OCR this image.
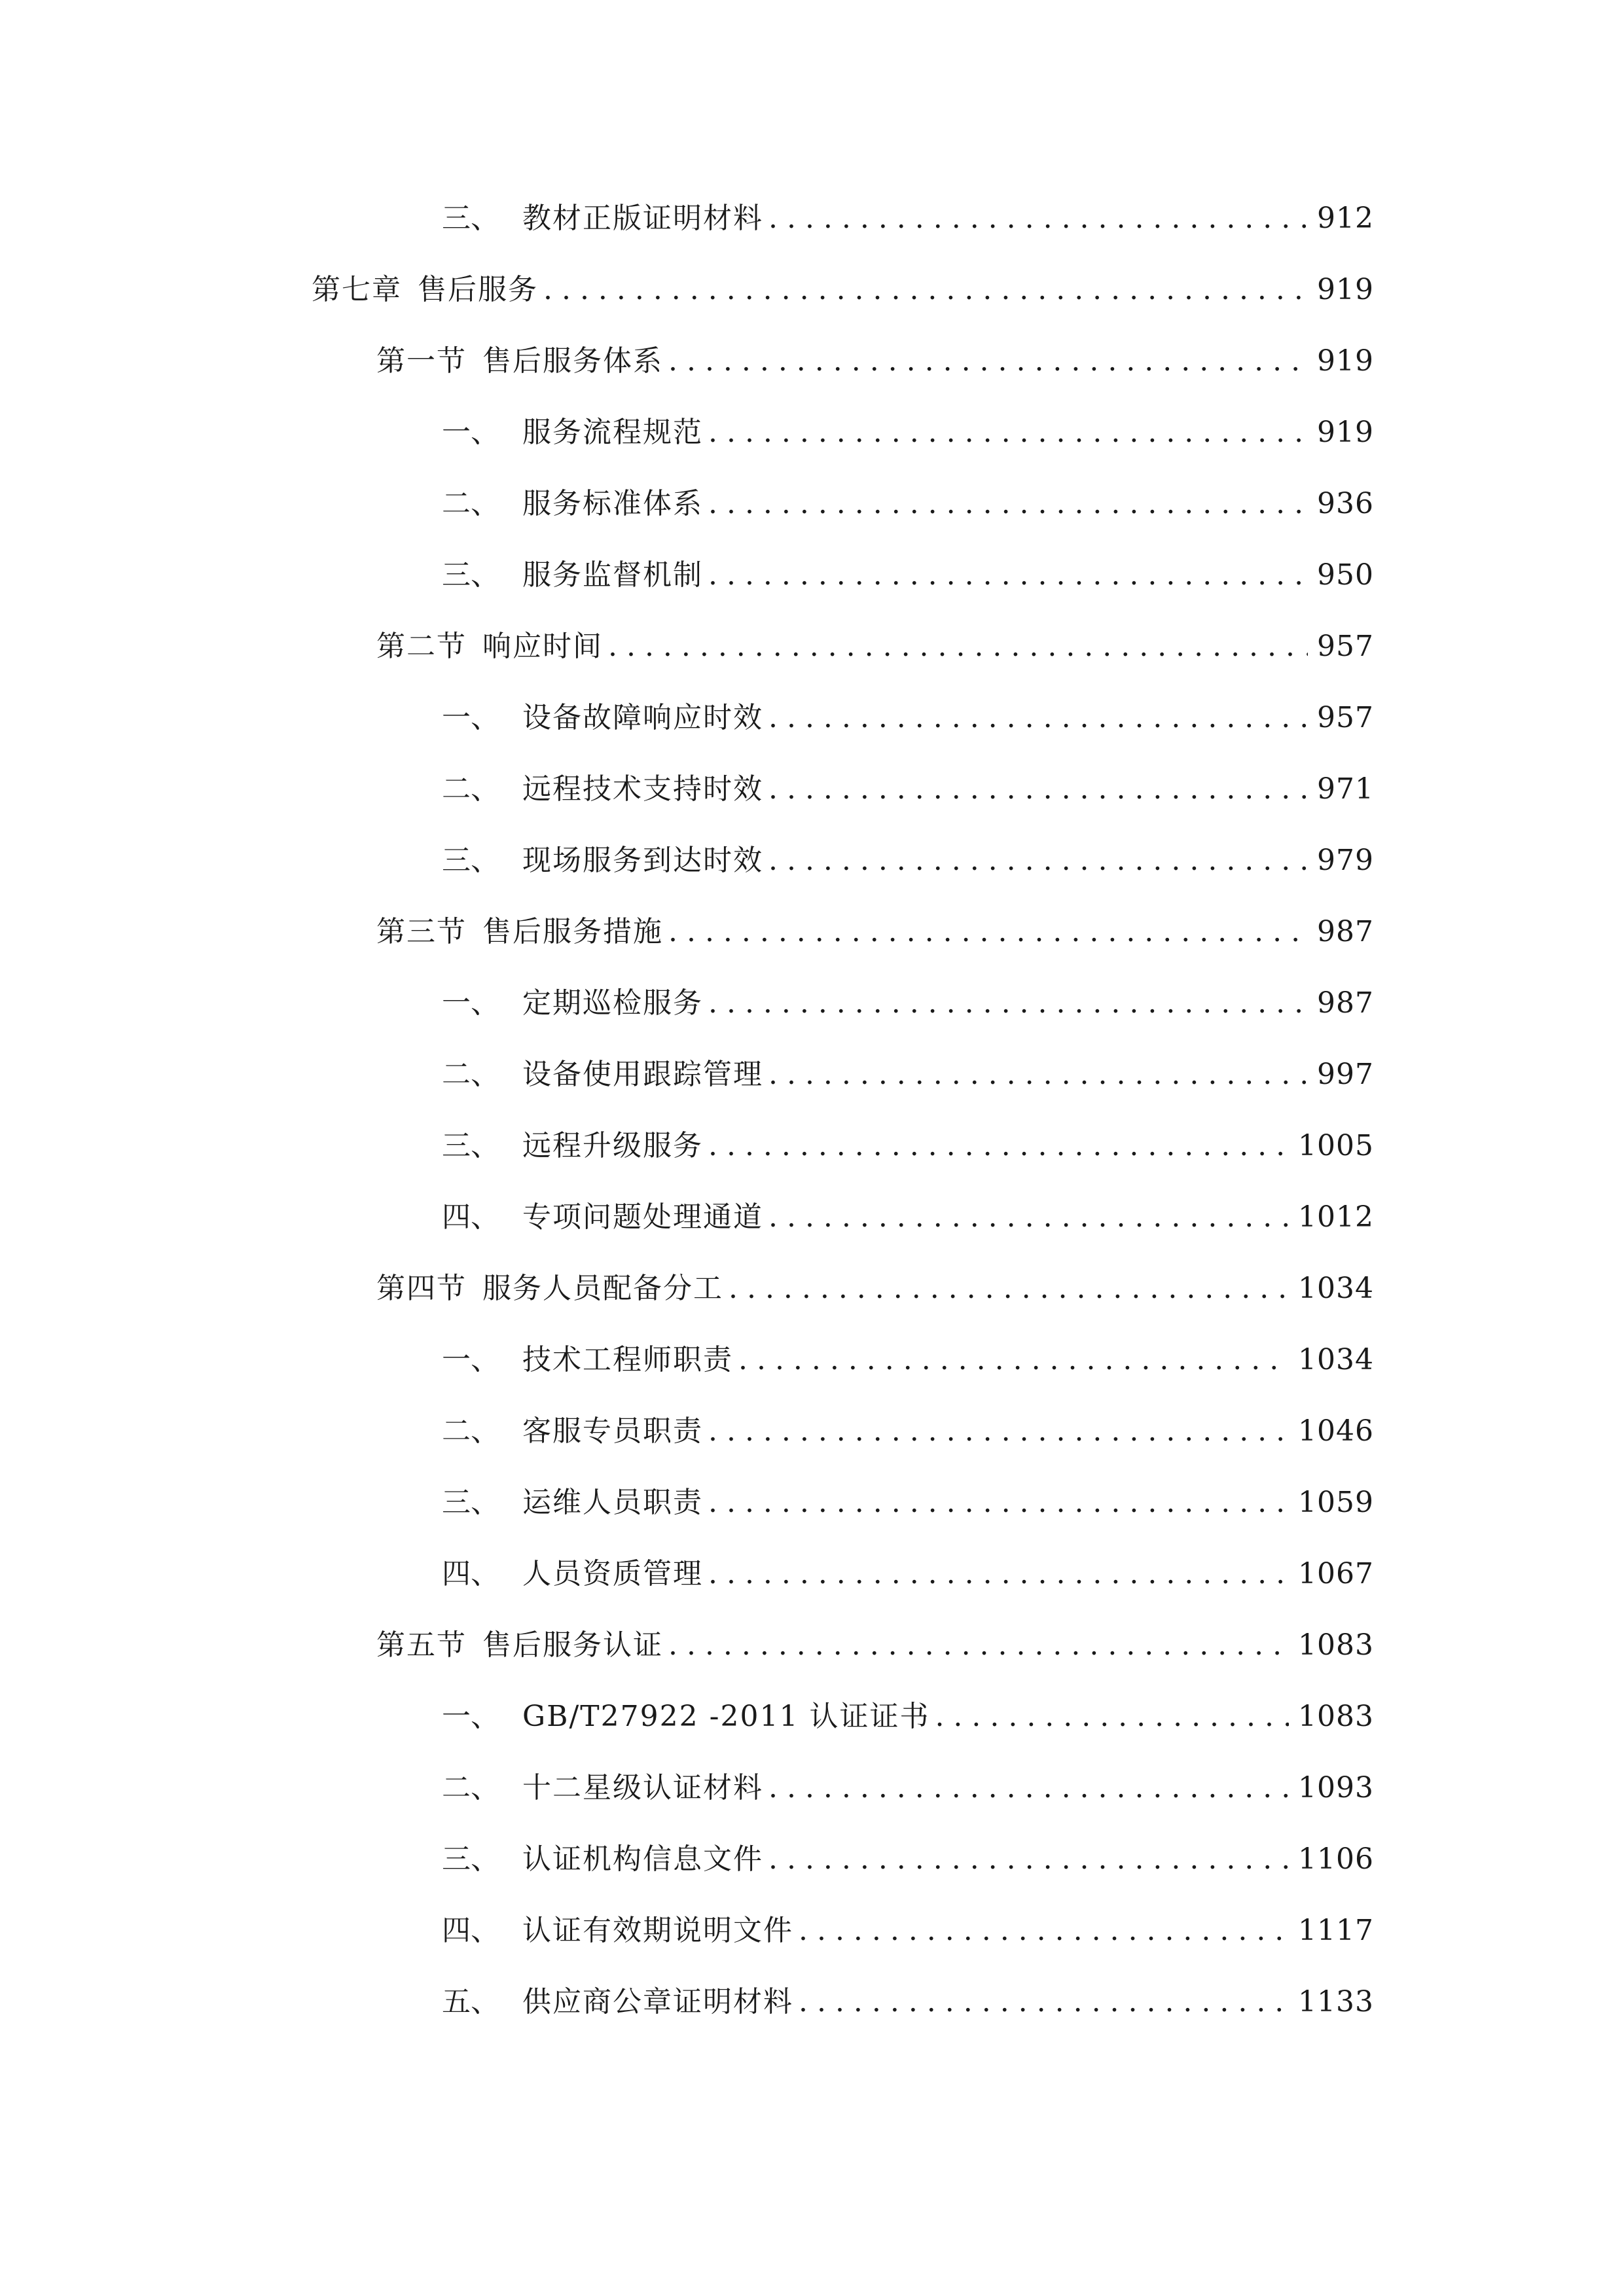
三、 教材正版证明材料 . . .	912
第七章 售后服务 . . .	919
第一节 售后服务体系 . . .	919
一、 服务流程规范 . . .	919
二、 服务标准体系 . . .	936
三、 服务监督机制 . . .	950
第二节 响应时间 . . .	957
一、 设备故障响应时效 . . .	957
二、 远程技术支持时效 . . .	971
三、 现场服务到达时效 . . .	979
第三节 售后服务措施 . . .	987
一、 定期巡检服务 . . .	987
二、 设备使用跟踪管理 . . .	997
三、 远程升级服务 . . .	1005
四、 专项问题处理通道 . . .	1012
第四节 服务人员配备分工 . . .	1034
一、 技术工程师职责 . . .	1034
二、 客服专员职责 . . .	1046
三、 运维人员职责 . . .	1059
四、 人员资质管理 . . .	1067
第五节 售后服务认证 . . .	1083
一、 GB/T27922 -2011 认证证书 . . .	1083
二、 十二星级认证材料 . . .	1093
三、 认证机构信息文件 . . .	1106
四、 认证有效期说明文件 . . .	1117
五、 供应商公章证明材料 . . .	1133
